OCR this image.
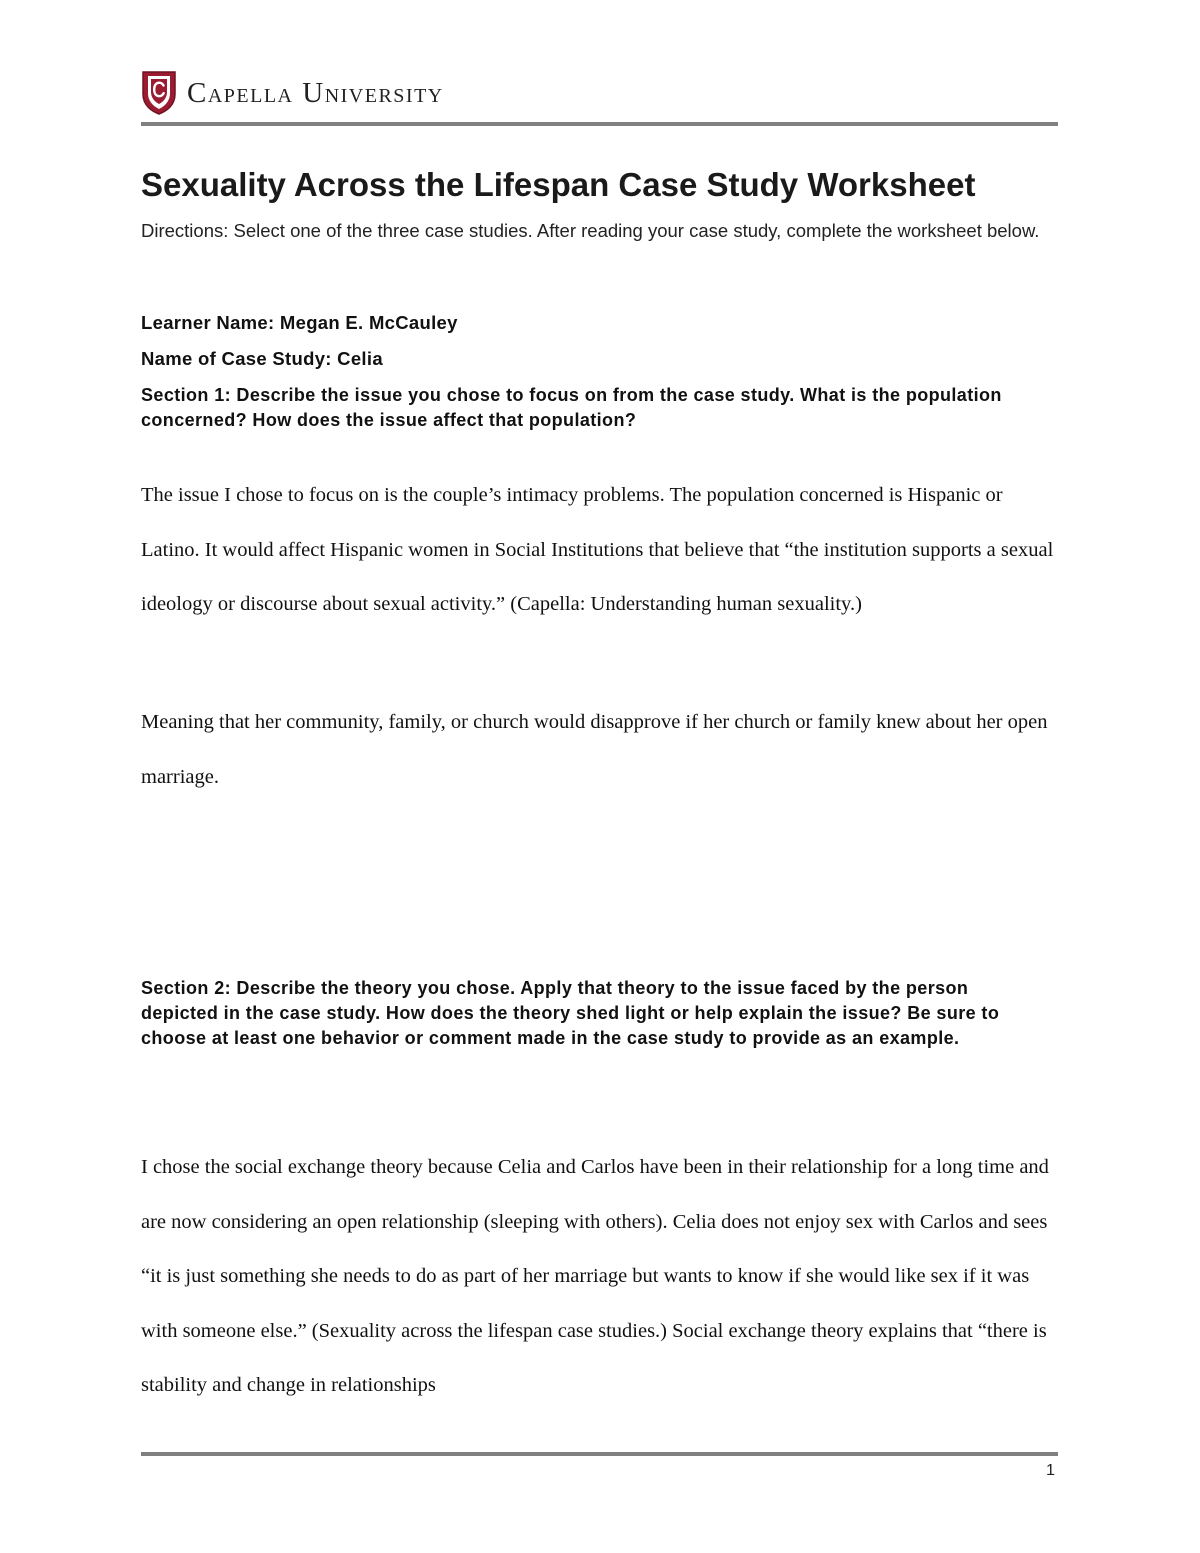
Capella University
Sexuality Across the Lifespan Case Study Worksheet
Directions: Select one of the three case studies. After reading your case study, complete the worksheet below.
Learner Name: Megan E. McCauley
Name of Case Study: Celia

Section 1: Describe the issue you chose to focus on from the case study. What is the population concerned? How does the issue affect that population?

The issue I chose to focus on is the couple’s intimacy problems. The population concerned is Hispanic or Latino. It would affect Hispanic women in Social Institutions that believe that “the institution supports a sexual ideology or discourse about sexual activity.” (Capella: Understanding human sexuality.)

Meaning that her community, family, or church would disapprove if her church or family knew about her open marriage.

Section 2: Describe the theory you chose. Apply that theory to the issue faced by the person depicted in the case study. How does the theory shed light or help explain the issue? Be sure to choose at least one behavior or comment made in the case study to provide as an example.

I chose the social exchange theory because Celia and Carlos have been in their relationship for a long time and are now considering an open relationship (sleeping with others). Celia does not enjoy sex with Carlos and sees “it is just something she needs to do as part of her marriage but wants to know if she would like sex if it was with someone else.” (Sexuality across the lifespan case studies.) Social exchange theory explains that “there is stability and change in relationships

1
